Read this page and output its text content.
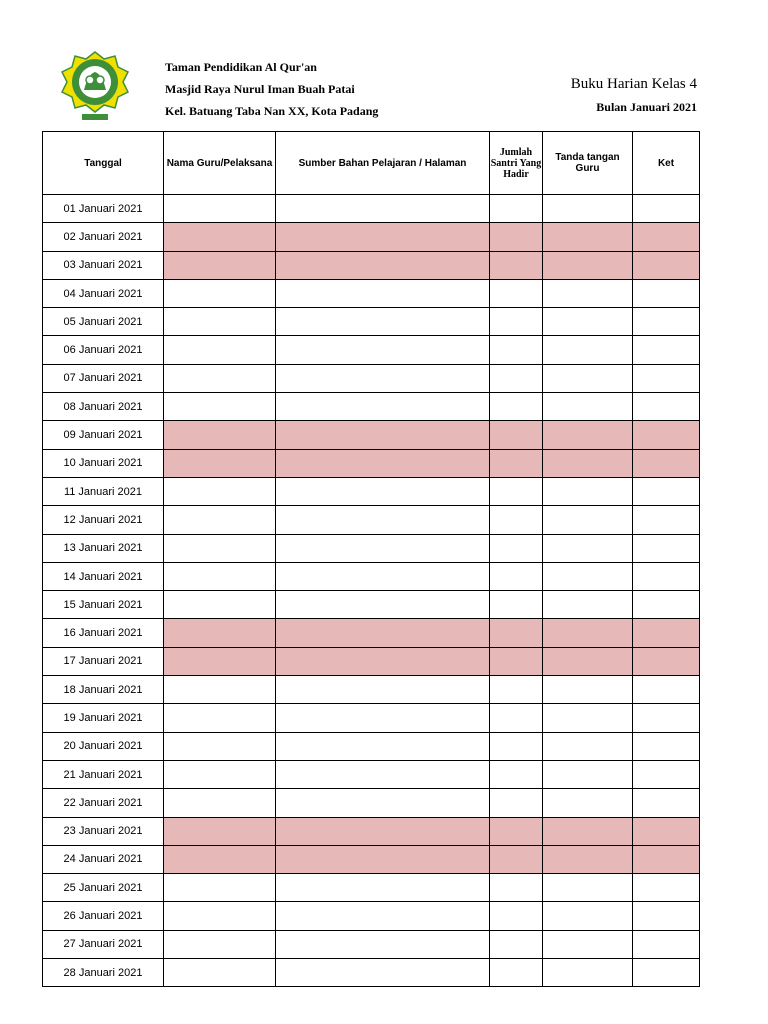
Taman Pendidikan Al Qur'an
Masjid Raya Nurul Iman Buah Patai
Kel. Batuang Taba Nan XX, Kota Padang
Buku Harian Kelas 4
Bulan Januari 2021
Tanggal	Nama Guru/Pelaksana	Sumber Bahan Pelajaran / Halaman	Jumlah Santri Yang Hadir	Tanda tangan Guru	Ket
01 Januari 2021					
02 Januari 2021					
03 Januari 2021					
04 Januari 2021					
05 Januari 2021					
06 Januari 2021					
07 Januari 2021					
08 Januari 2021					
09 Januari 2021					
10 Januari 2021					
11 Januari 2021					
12 Januari 2021					
13 Januari 2021					
14 Januari 2021					
15 Januari 2021					
16 Januari 2021					
17 Januari 2021					
18 Januari 2021					
19 Januari 2021					
20 Januari 2021					
21 Januari 2021					
22 Januari 2021					
23 Januari 2021					
24 Januari 2021					
25 Januari 2021					
26 Januari 2021					
27 Januari 2021					
28 Januari 2021					
